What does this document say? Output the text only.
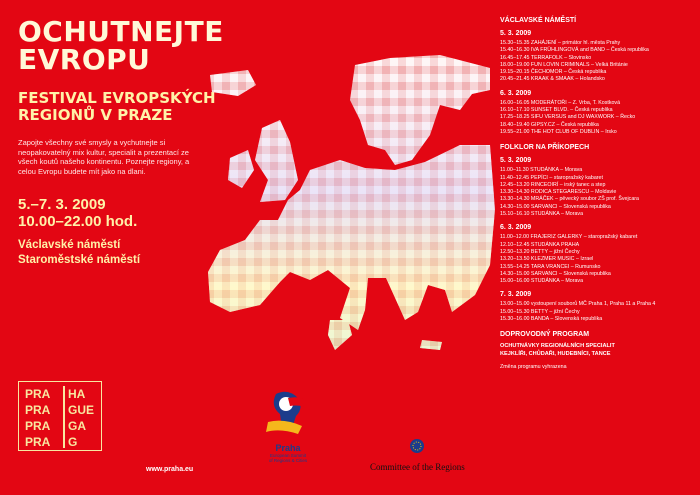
OCHUTNEJTE
EVROPU
FESTIVAL EVROPSKÝCH
REGIONŮ V PRAZE
Zapojte všechny své smysly a vychutnejte si neopakovatelný mix kultur, specialit a prezentací ze všech koutů našeho kontinentu. Poznejte regiony, a celou Evropu budete mít jako na dlani.
5.–7. 3. 2009
10.00–22.00 hod.
Václavské náměstí
Staroměstské náměstí
PRA
PRA
PRA
PRA
HA
GUE
GA
G
www.praha.eu
Praha
European Summit
of Regions & Cities
Committee of the Regions
VÁCLAVSKÉ NÁMĚSTÍ
5. 3. 2009
15.30–15.35 ZAHÁJENÍ – primátor hl. města Prahy
15.40–16.30 IVA FRÜHLINGOVÁ and BAND – Česká republika
16.45–17.45 TERRAFOLK – Slovinsko
18.00–19.00 FUN LOVIN CRIMINALS – Velká Británie
19.15–20.15 ČECHOMOR – Česká republika
20.45–21.45 KRAAK & SMAAK – Holandsko
6. 3. 2009
16.00–16.05 MODERÁTOŘI – Z. Vrba, T. Kostková
16.10–17.10 SUNSET BLVD. – Česká republika
17.25–18.25 SIFU VERSUS and DJ WAXWORK – Řecko
18.40–19.40 GIPSY.CZ – Česká republika
19.55–21.00 THE HOT CLUB OF DUBLIN – Irsko
FOLKLOR NA PŘÍKOPECH
5. 3. 2009
11.00–11.30 STUDÁNKA – Morava
11.40–12.45 PEPÍCI – staropražský kabaret
12.45–13.20 RINCEOIRÍ – irský tanec a step
13.30–14.30 RODICA STEGARESCU – Moldavie
13.30–14.30 MRÁČEK – pěvecký soubor ZŠ prof. Švejcara
14.30–15.00 SARVANCI – Slovenská republika
15.10–16.10 STUDÁNKA – Morava
6. 3. 2009
11.00–12.00 FRAJERIZ GALERKY – staropražský kabaret
12.10–12.45 STUDÁNKA PRAHA
12.50–13.20 BETTY – jižní Čechy
13.20–13.50 KLEZMER MUSIC – Izrael
13.55–14.25 TARA VRANCEI – Rumunsko
14.30–15.00 SARVANCI – Slovenská republika
15.00–16.00 STUDÁNKA – Morava
7. 3. 2009
13.00–15.00 vystoupení souborů MČ Praha 1, Praha 11 a Praha 4
15.00–15.30 BETTY – jižní Čechy
15.30–16.00 BANDA – Slovenská republika
DOPROVODNÝ PROGRAM
OCHUTNÁVKY REGIONÁLNÍCH SPECIALIT
KEJKLÍŘI, CHŮDAŘI, HUDEBNÍCI, TANCE
Změna programu vyhrazena
